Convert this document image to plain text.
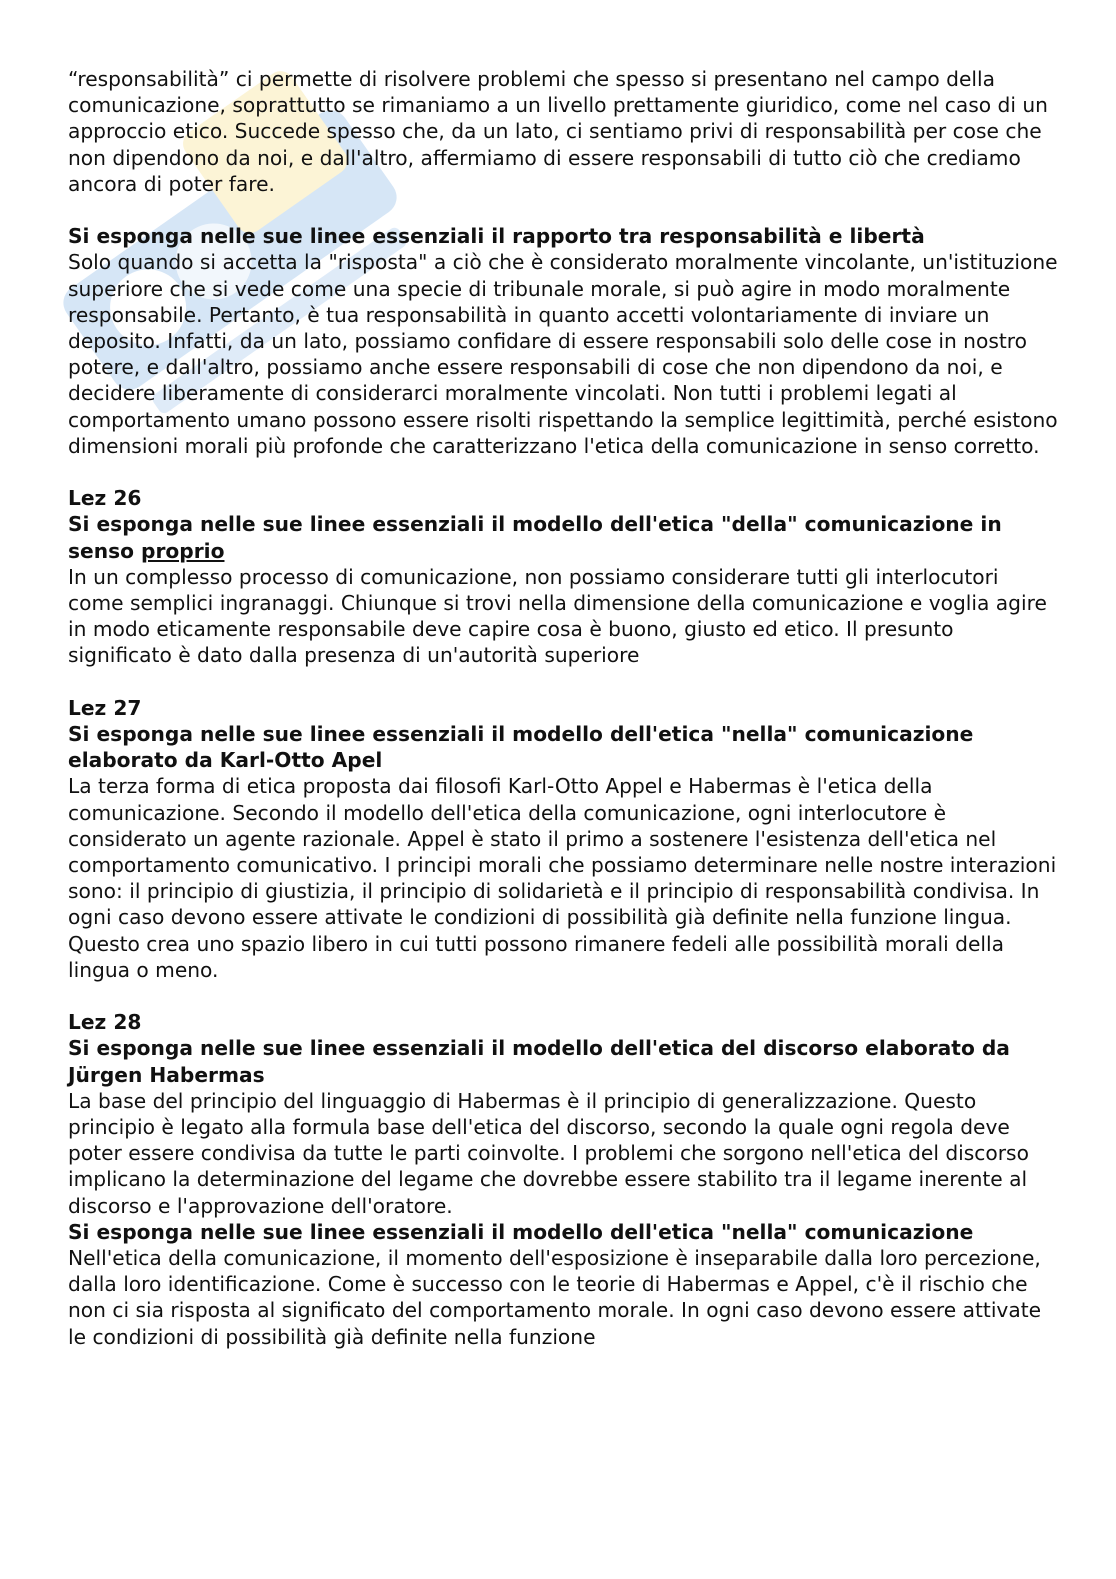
“responsabilità” ci permette di risolvere problemi che spesso si presentano nel campo della comunicazione, soprattutto se rimaniamo a un livello prettamente giuridico, come nel caso di un approccio etico. Succede spesso che, da un lato, ci sentiamo privi di responsabilità per cose che non dipendono da noi, e dall'altro, affermiamo di essere responsabili di tutto ciò che crediamo ancora di poter fare.

Si esponga nelle sue linee essenziali il rapporto tra responsabilità e libertà

Solo quando si accetta la "risposta" a ciò che è considerato moralmente vincolante, un'istituzione superiore che si vede come una specie di tribunale morale, si può agire in modo moralmente responsabile. Pertanto, è tua responsabilità in quanto accetti volontariamente di inviare un deposito. Infatti, da un lato, possiamo confidare di essere responsabili solo delle cose in nostro potere, e dall'altro, possiamo anche essere responsabili di cose che non dipendono da noi, e decidere liberamente di considerarci moralmente vincolati. Non tutti i problemi legati al comportamento umano possono essere risolti rispettando la semplice legittimità, perché esistono dimensioni morali più profonde che caratterizzano l'etica della comunicazione in senso corretto.

Lez 26

Si esponga nelle sue linee essenziali il modello dell'etica "della" comunicazione in senso proprio

In un complesso processo di comunicazione, non possiamo considerare tutti gli interlocutori come semplici ingranaggi. Chiunque si trovi nella dimensione della comunicazione e voglia agire in modo eticamente responsabile deve capire cosa è buono, giusto ed etico. Il presunto significato è dato dalla presenza di un'autorità superiore

Lez 27

Si esponga nelle sue linee essenziali il modello dell'etica "nella" comunicazione elaborato da Karl-Otto Apel

La terza forma di etica proposta dai filosofi Karl-Otto Appel e Habermas è l'etica della comunicazione. Secondo il modello dell'etica della comunicazione, ogni interlocutore è considerato un agente razionale. Appel è stato il primo a sostenere l'esistenza dell'etica nel comportamento comunicativo. I principi morali che possiamo determinare nelle nostre interazioni sono: il principio di giustizia, il principio di solidarietà e il principio di responsabilità condivisa. In ogni caso devono essere attivate le condizioni di possibilità già definite nella funzione lingua. Questo crea uno spazio libero in cui tutti possono rimanere fedeli alle possibilità morali della lingua o meno.

Lez 28

Si esponga nelle sue linee essenziali il modello dell'etica del discorso elaborato da Jürgen Habermas

La base del principio del linguaggio di Habermas è il principio di generalizzazione. Questo principio è legato alla formula base dell'etica del discorso, secondo la quale ogni regola deve poter essere condivisa da tutte le parti coinvolte. I problemi che sorgono nell'etica del discorso implicano la determinazione del legame che dovrebbe essere stabilito tra il legame inerente al discorso e l'approvazione dell'oratore.

Si esponga nelle sue linee essenziali il modello dell'etica "nella" comunicazione

Nell'etica della comunicazione, il momento dell'esposizione è inseparabile dalla loro percezione, dalla loro identificazione. Come è successo con le teorie di Habermas e Appel, c'è il rischio che non ci sia risposta al significato del comportamento morale. In ogni caso devono essere attivate le condizioni di possibilità già definite nella funzione
